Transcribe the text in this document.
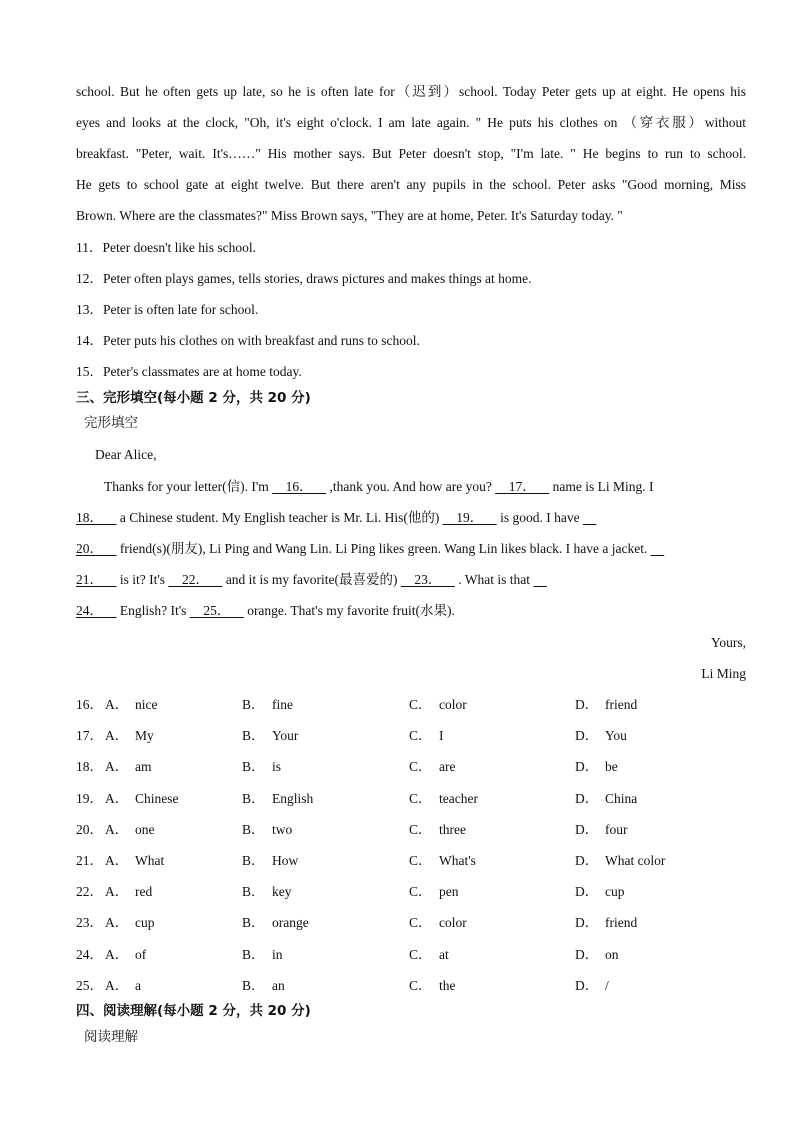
school. But he often gets up late, so he is often late for（迟到）school. Today Peter gets up at eight. He opens his
eyes and looks at the clock, "Oh, it's eight o'clock. I am late again. " He puts his clothes on （穿衣服）without
breakfast. "Peter, wait. It's……" His mother says. But Peter doesn't stop, "I'm late. " He begins to run to school.
He gets to school gate at eight twelve. But there aren't any pupils in the school. Peter asks "Good morning, Miss
Brown. Where are the classmates?" Miss Brown says, "They are at home, Peter. It's Saturday today. "
11．Peter doesn't like his school.
12．Peter often plays games, tells stories, draws pictures and makes things at home.
13．Peter is often late for school.
14．Peter puts his clothes on with breakfast and runs to school.
15．Peter's classmates are at home today.
三、完形填空(每小题 2 分，共 20 分)
完形填空
Dear Alice,
Thanks for your letter(信). I'm     16．     ,thank you. And how are you?     17．     name is Li Ming. I
18．     a Chinese student. My English teacher is Mr. Li. His(他的)     19．     is good. I have
20．     friend(s)(朋友), Li Ping and Wang Lin. Li Ping likes green. Wang Lin likes black. I have a jacket.
21．     is it? It's     22．     and it is my favorite(最喜爱的)     23．     . What is that
24．     English? It's     25．     orange. That's my favorite fruit(水果).
Yours,
Li Ming
16． A． nice	B． fine	C． color	D． friend
17． A． My	B． Your	C． I	D． You
18． A． am	B． is	C． are	D． be
19． A． Chinese	B． English	C． teacher	D． China
20． A． one	B． two	C． three	D． four
21． A． What	B． How	C． What's	D． What color
22． A． red	B． key	C． pen	D． cup
23． A． cup	B． orange	C． color	D． friend
24． A． of	B． in	C． at	D． on
25． A． a	B． an	C． the	D． /
四、阅读理解(每小题 2 分，共 20 分)
阅读理解
